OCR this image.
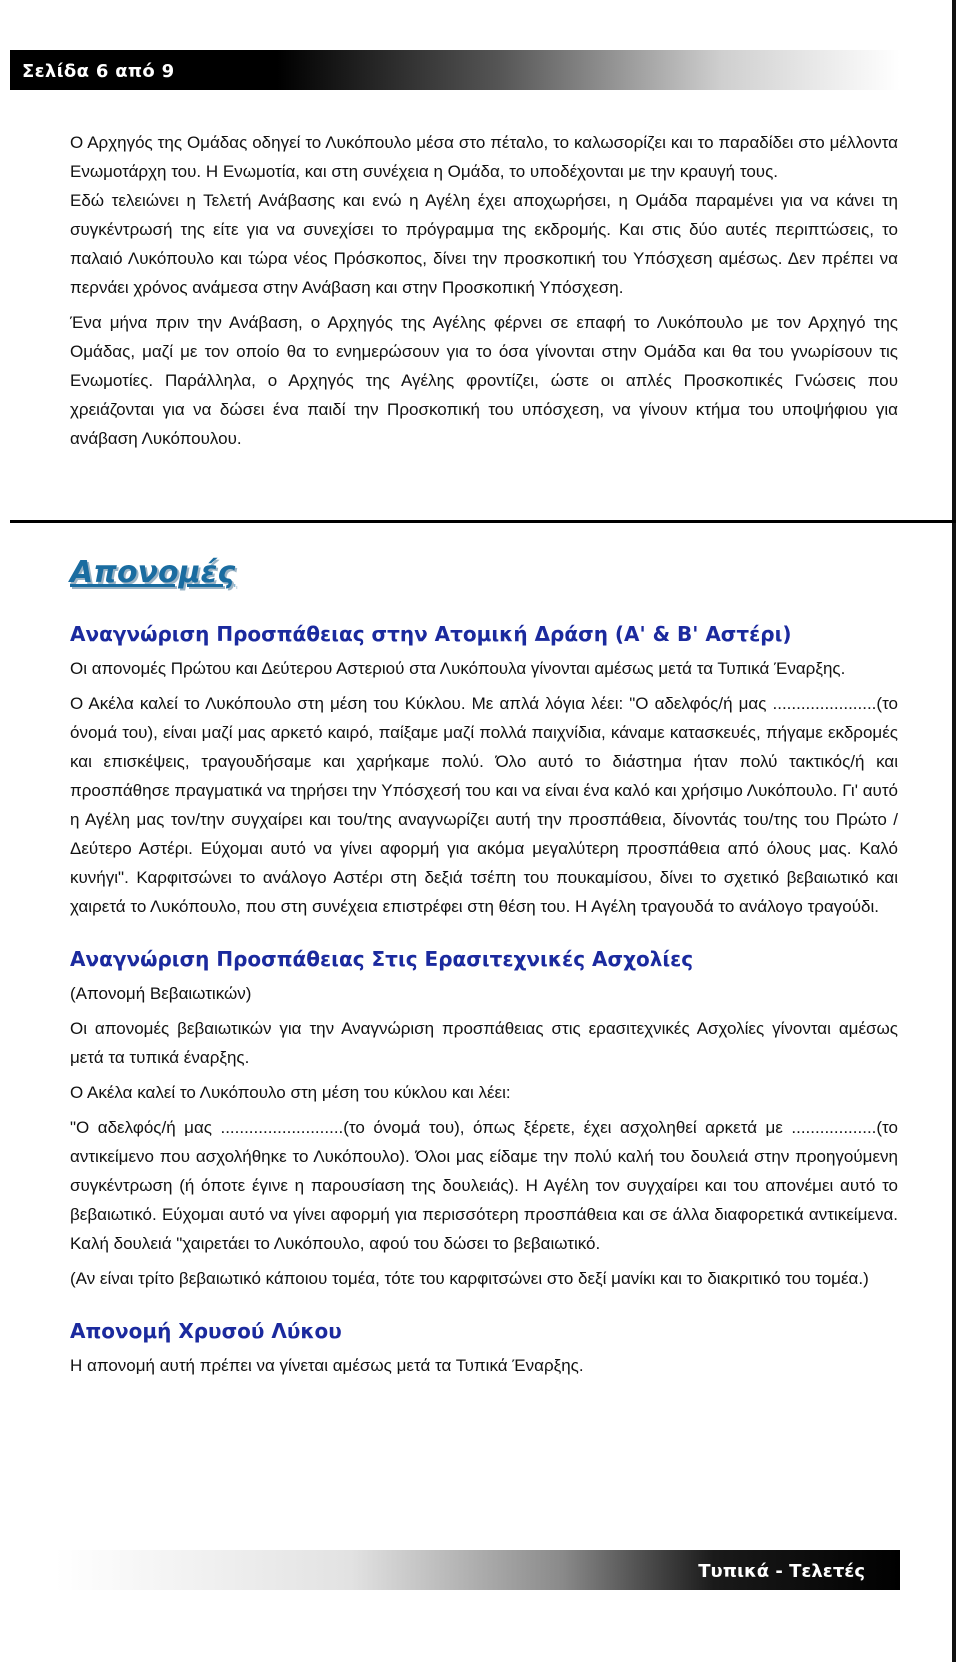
Σελίδα 6 από 9

Ο Αρχηγός της Ομάδας οδηγεί το Λυκόπουλο μέσα στο πέταλο, το καλωσορίζει και το παραδίδει στο μέλλοντα Ενωμοτάρχη του. Η Ενωμοτία, και στη συνέχεια η Ομάδα, το υποδέχονται με την κραυγή τους.

Εδώ τελειώνει η Τελετή Ανάβασης και ενώ η Αγέλη έχει αποχωρήσει, η Ομάδα παραμένει για να κάνει τη συγκέντρωσή της είτε για να συνεχίσει το πρόγραμμα της εκδρομής. Και στις δύο αυτές περιπτώσεις, το παλαιό Λυκόπουλο και τώρα νέος Πρόσκοπος, δίνει την προσκοπική του Υπόσχεση αμέσως. Δεν πρέπει να περνάει χρόνος ανάμεσα στην Ανάβαση και στην Προσκοπική Υπόσχεση.

Ένα μήνα πριν την Ανάβαση, ο Αρχηγός της Αγέλης φέρνει σε επαφή το Λυκόπουλο με τον Αρχηγό της Ομάδας, μαζί με τον οποίο θα το ενημερώσουν για το όσα γίνονται στην Ομάδα και θα του γνωρίσουν τις Ενωμοτίες. Παράλληλα, ο Αρχηγός της Αγέλης φροντίζει, ώστε οι απλές Προσκοπικές Γνώσεις που χρειάζονται για να δώσει ένα παιδί την Προσκοπική του υπόσχεση, να γίνουν κτήμα του υποψήφιου για ανάβαση Λυκόπουλου.

Απονομές
Αναγνώριση Προσπάθειας στην Ατομική Δράση (Α' & Β' Αστέρι)

Οι απονομές Πρώτου και Δεύτερου Αστεριού στα Λυκόπουλα γίνονται αμέσως μετά τα Τυπικά Έναρξης.

Ο Ακέλα καλεί το Λυκόπουλο στη μέση του Κύκλου. Με απλά λόγια λέει: "Ο αδελφός/ή μας ......................(το όνομά του), είναι μαζί μας αρκετό καιρό, παίξαμε μαζί πολλά παιχνίδια, κάναμε κατασκευές, πήγαμε εκδρομές και επισκέψεις, τραγουδήσαμε και χαρήκαμε πολύ. Όλο αυτό το διάστημα ήταν πολύ τακτικός/ή και προσπάθησε πραγματικά να τηρήσει την Υπόσχεσή του και να είναι ένα καλό και χρήσιμο Λυκόπουλο. Γι' αυτό η Αγέλη μας τον/την συγχαίρει και του/της αναγνωρίζει αυτή την προσπάθεια, δίνοντάς του/της του Πρώτο / Δεύτερο Αστέρι. Εύχομαι αυτό να γίνει αφορμή για ακόμα μεγαλύτερη προσπάθεια από όλους μας. Καλό κυνήγι". Καρφιτσώνει το ανάλογο Αστέρι στη δεξιά τσέπη του πουκαμίσου, δίνει το σχετικό βεβαιωτικό και χαιρετά το Λυκόπουλο, που στη συνέχεια επιστρέφει στη θέση του. Η Αγέλη τραγουδά το ανάλογο τραγούδι.

Αναγνώριση Προσπάθειας Στις Ερασιτεχνικές Ασχολίες

(Απονομή Βεβαιωτικών)

Οι απονομές βεβαιωτικών για την Αναγνώριση προσπάθειας στις ερασιτεχνικές Ασχολίες γίνονται αμέσως μετά τα τυπικά έναρξης.

Ο Ακέλα καλεί το Λυκόπουλο στη μέση του κύκλου και λέει:

"Ο αδελφός/ή μας ..........................(το όνομά του), όπως ξέρετε, έχει ασχοληθεί αρκετά με ..................(το αντικείμενο που ασχολήθηκε το Λυκόπουλο). Όλοι μας είδαμε την πολύ καλή του δουλειά στην προηγούμενη συγκέντρωση (ή όποτε έγινε η παρουσίαση της δουλειάς). Η Αγέλη τον συγχαίρει και του απονέμει αυτό το βεβαιωτικό. Εύχομαι αυτό να γίνει αφορμή για περισσότερη προσπάθεια και σε άλλα διαφορετικά αντικείμενα. Καλή δουλειά "χαιρετάει το Λυκόπουλο, αφού του δώσει το βεβαιωτικό.

(Αν είναι τρίτο βεβαιωτικό κάποιου τομέα, τότε του καρφιτσώνει στο δεξί μανίκι και το διακριτικό του τομέα.)

Απονομή Χρυσού Λύκου

Η απονομή αυτή πρέπει να γίνεται αμέσως μετά τα Τυπικά Έναρξης.

Τυπικά - Τελετές
